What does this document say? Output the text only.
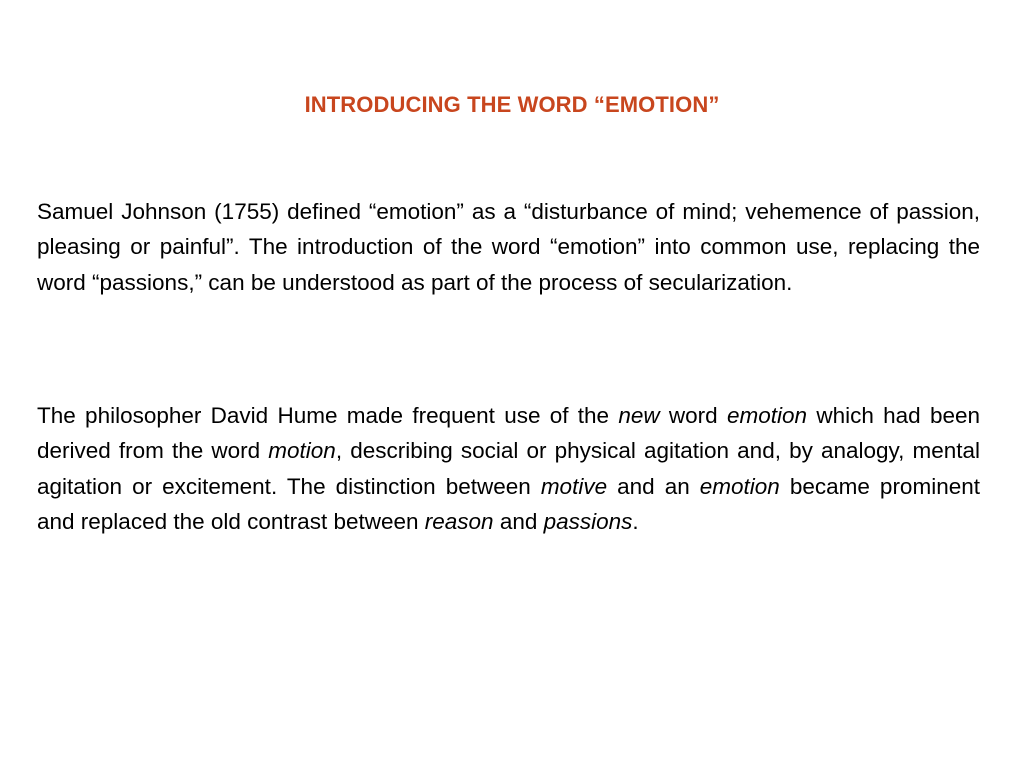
INTRODUCING THE WORD “EMOTION”

Samuel Johnson (1755) defined “emotion” as a “disturbance of mind; vehemence of passion, pleasing or painful”. The introduction of the word “emotion” into common use, replacing the word “passions,” can be understood as part of the process of secularization.

The philosopher David Hume made frequent use of the new word emotion which had been derived from the word motion, describing social or physical agitation and, by analogy, mental agitation or excitement. The distinction between motive and an emotion became prominent and replaced the old contrast between reason and passions.
